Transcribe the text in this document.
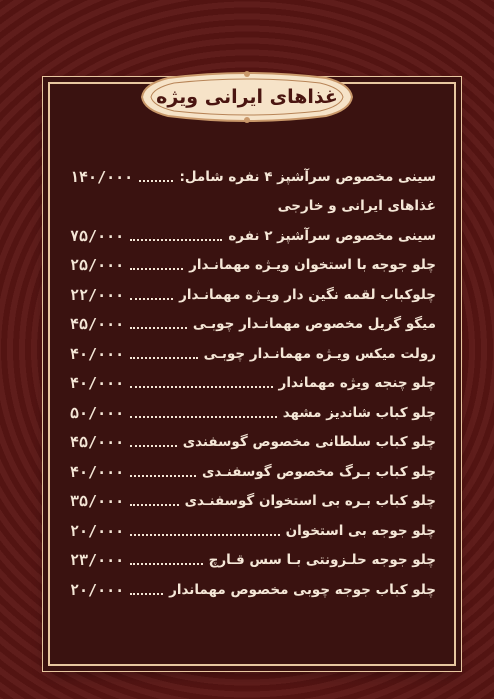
غذاهای ایرانی ویژه
سینی مخصوص سرآشپز ۴ نفره شامل:
۱۴۰/۰۰۰
غذاهای ایرانی و خارجی
سینی مخصوص سرآشپز ۲ نفره
۷۵/۰۰۰
چلو جوجه با استخوان ویـژه مهمانـدار
۲۵/۰۰۰
چلوکباب لقمه نگین دار ویـژه مهمانـدار
۲۲/۰۰۰
میگو گریل مخصوص مهمانـدار چوبـی
۴۵/۰۰۰
رولت میکس ویـژه مهمانـدار چوبـی
۴۰/۰۰۰
چلو چنجه ویژه مهماندار
۴۰/۰۰۰
چلو کباب شاندیز مشهد
۵۰/۰۰۰
چلو کباب سلطانی مخصوص گوسفندی
۴۵/۰۰۰
چلو کباب بـرگ مخصوص گوسفنـدی
۴۰/۰۰۰
چلو کباب بـره بی استخوان گوسفنـدی
۳۵/۰۰۰
چلو جوجه بی استخوان
۲۰/۰۰۰
چلو جوجه حلـزونتی بـا سس قـارچ
۲۳/۰۰۰
چلو کباب جوجه چوبی مخصوص مهماندار
۲۰/۰۰۰
